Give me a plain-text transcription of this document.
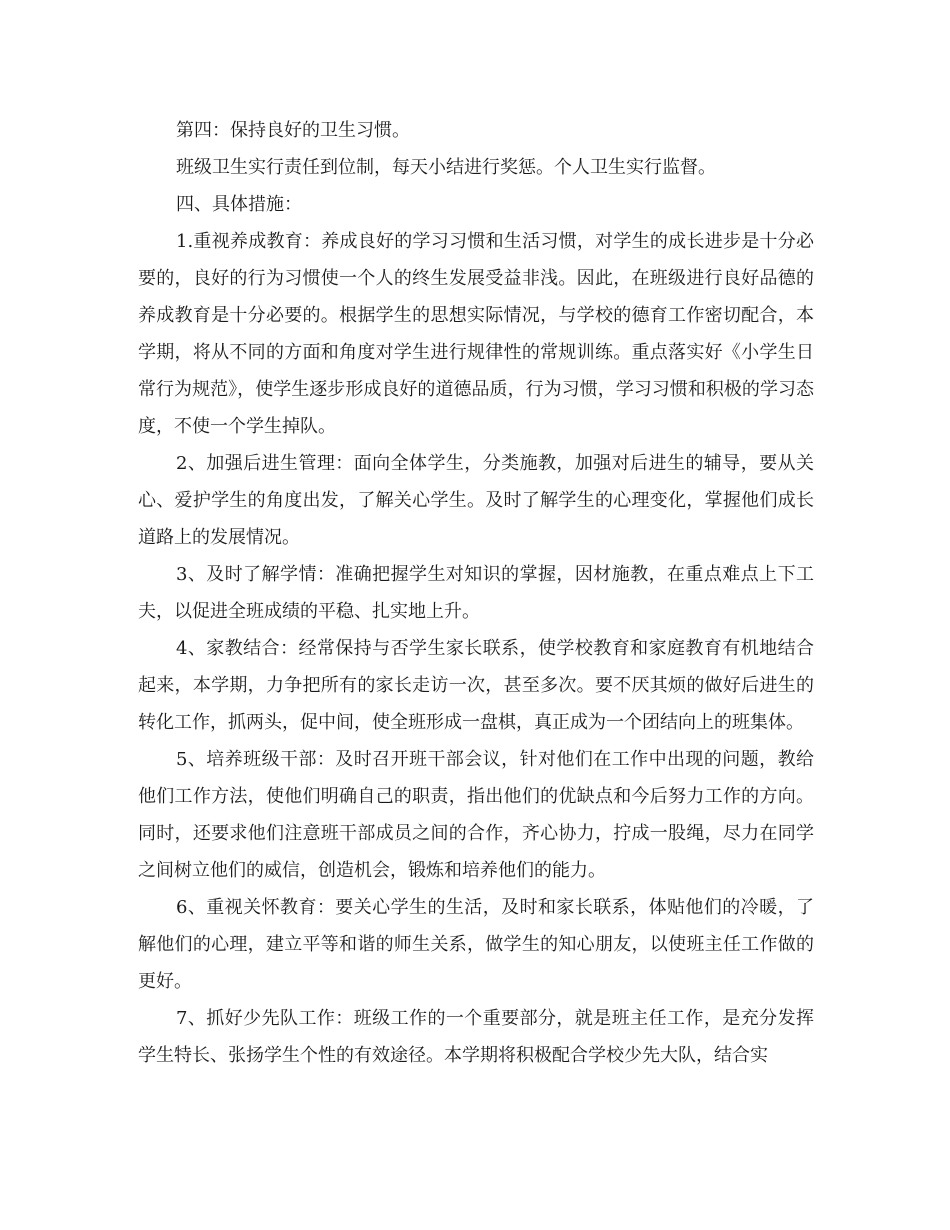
第四：保持良好的卫生习惯。

班级卫生实行责任到位制，每天小结进行奖惩。个人卫生实行监督。

四、具体措施：

1.重视养成教育：养成良好的学习习惯和生活习惯，对学生的成长进步是十分必要的，良好的行为习惯使一个人的终生发展受益非浅。因此，在班级进行良好品德的养成教育是十分必要的。根据学生的思想实际情况，与学校的德育工作密切配合，本学期，将从不同的方面和角度对学生进行规律性的常规训练。重点落实好《小学生日常行为规范》，使学生逐步形成良好的道德品质，行为习惯，学习习惯和积极的学习态度，不使一个学生掉队。

2、加强后进生管理：面向全体学生，分类施教，加强对后进生的辅导，要从关心、爱护学生的角度出发，了解关心学生。及时了解学生的心理变化，掌握他们成长道路上的发展情况。

3、及时了解学情：准确把握学生对知识的掌握，因材施教，在重点难点上下工夫，以促进全班成绩的平稳、扎实地上升。

4、家教结合：经常保持与否学生家长联系，使学校教育和家庭教育有机地结合起来，本学期，力争把所有的家长走访一次，甚至多次。要不厌其烦的做好后进生的转化工作，抓两头，促中间，使全班形成一盘棋，真正成为一个团结向上的班集体。

5、培养班级干部：及时召开班干部会议，针对他们在工作中出现的问题，教给他们工作方法，使他们明确自己的职责，指出他们的优缺点和今后努力工作的方向。同时，还要求他们注意班干部成员之间的合作，齐心协力，拧成一股绳，尽力在同学之间树立他们的威信，创造机会，锻炼和培养他们的能力。

6、重视关怀教育：要关心学生的生活，及时和家长联系，体贴他们的冷暖，了解他们的心理，建立平等和谐的师生关系，做学生的知心朋友，以使班主任工作做的更好。

7、抓好少先队工作：班级工作的一个重要部分，就是班主任工作，是充分发挥学生特长、张扬学生个性的有效途径。本学期将积极配合学校少先大队，结合实
